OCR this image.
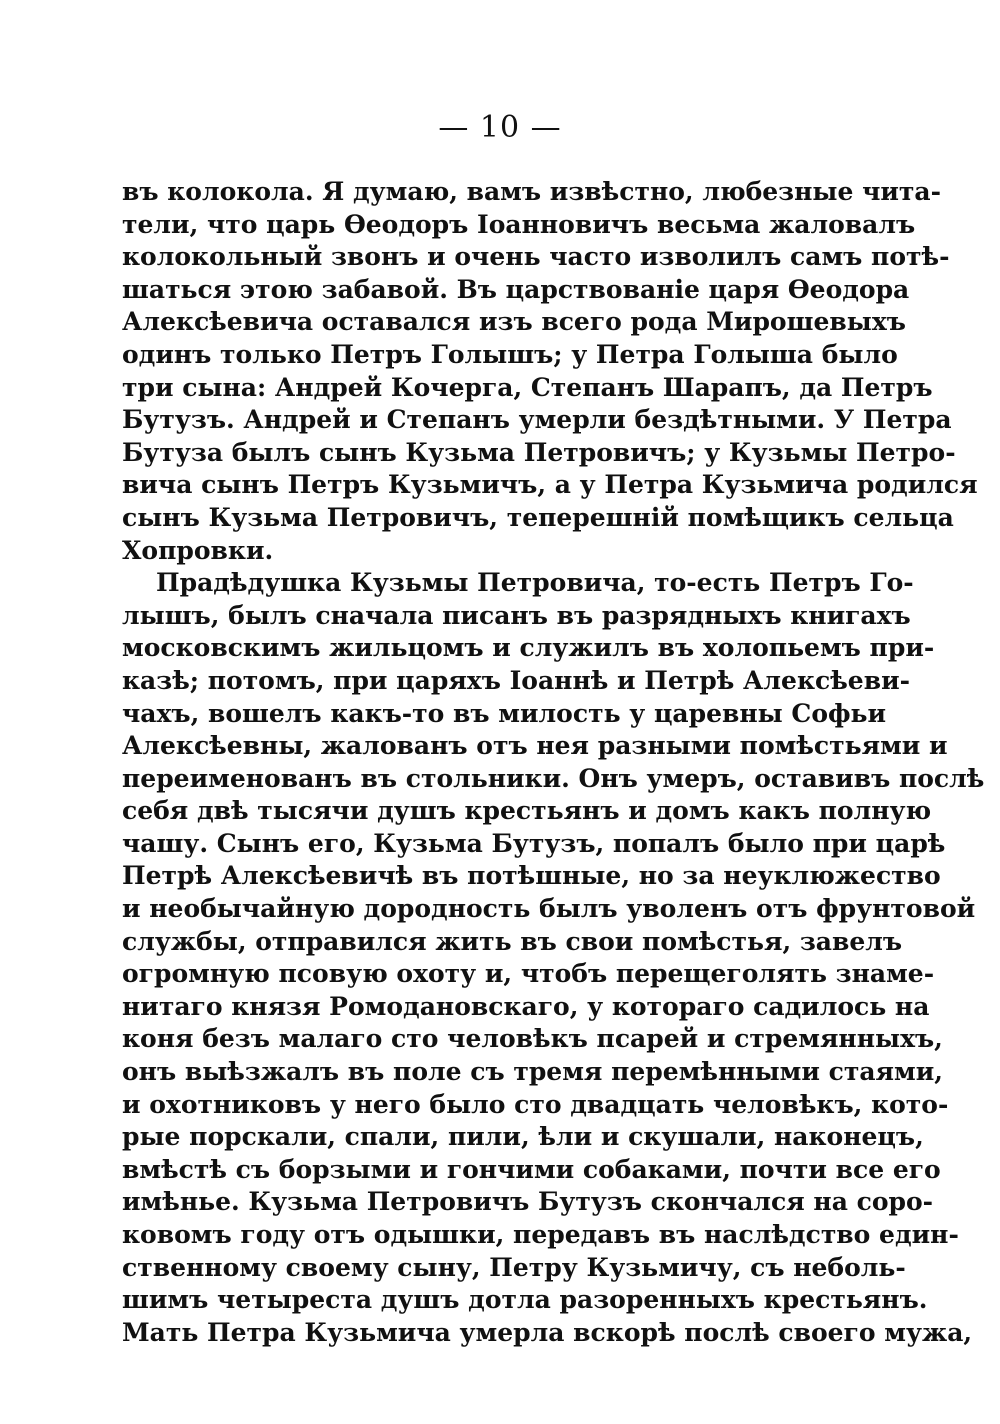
— 10 —
въ колокола. Я думаю, вамъ извѣстно, любезные чита-
тели, что царь Өеодоръ Іоанновичъ весьма жаловалъ
колокольный звонъ и очень часто изволилъ самъ потѣ-
шаться этою забавой. Въ царствованіе царя Өеодора
Алексѣевича оставался изъ всего рода Мирошевыхъ
одинъ только Петръ Голышъ; у Петра Голыша было
три сына: Андрей Кочерга, Степанъ Шарапъ, да Петръ
Бутузъ. Андрей и Степанъ умерли бездѣтными. У Петра
Бутуза былъ сынъ Кузьма Петровичъ; у Кузьмы Петро-
вича сынъ Петръ Кузьмичъ, а у Петра Кузьмича родился
сынъ Кузьма Петровичъ, теперешній помѣщикъ сельца
Хопровки.
Прадѣдушка Кузьмы Петровича, то-есть Петръ Го-
лышъ, былъ сначала писанъ въ разрядныхъ книгахъ
московскимъ жильцомъ и служилъ въ холопьемъ при-
казѣ; потомъ, при царяхъ Іоаннѣ и Петрѣ Алексѣеви-
чахъ, вошелъ какъ-то въ милость у царевны Софьи
Алексѣевны, жалованъ отъ нея разными помѣстьями и
переименованъ въ стольники. Онъ умеръ, оставивъ послѣ
себя двѣ тысячи душъ крестьянъ и домъ какъ полную
чашу. Сынъ его, Кузьма Бутузъ, попалъ было при царѣ
Петрѣ Алексѣевичѣ въ потѣшные, но за неуклюжество
и необычайную дородность былъ уволенъ отъ фрунтовой
службы, отправился жить въ свои помѣстья, завелъ
огромную псовую охоту и, чтобъ перещеголять знаме-
нитаго князя Ромодановскаго, у котораго садилось на
коня безъ малаго сто человѣкъ псарей и стремянныхъ,
онъ выѣзжалъ въ поле съ тремя перемѣнными стаями,
и охотниковъ у него было сто двадцать человѣкъ, кото-
рые порскали, спали, пили, ѣли и скушали, наконецъ,
вмѣстѣ съ борзыми и гончими собаками, почти все его
имѣнье. Кузьма Петровичъ Бутузъ скончался на соро-
ковомъ году отъ одышки, передавъ въ наслѣдство един-
ственному своему сыну, Петру Кузьмичу, съ неболь-
шимъ четыреста душъ дотла разоренныхъ крестьянъ.
Мать Петра Кузьмича умерла вскорѣ послѣ своего мужа,
